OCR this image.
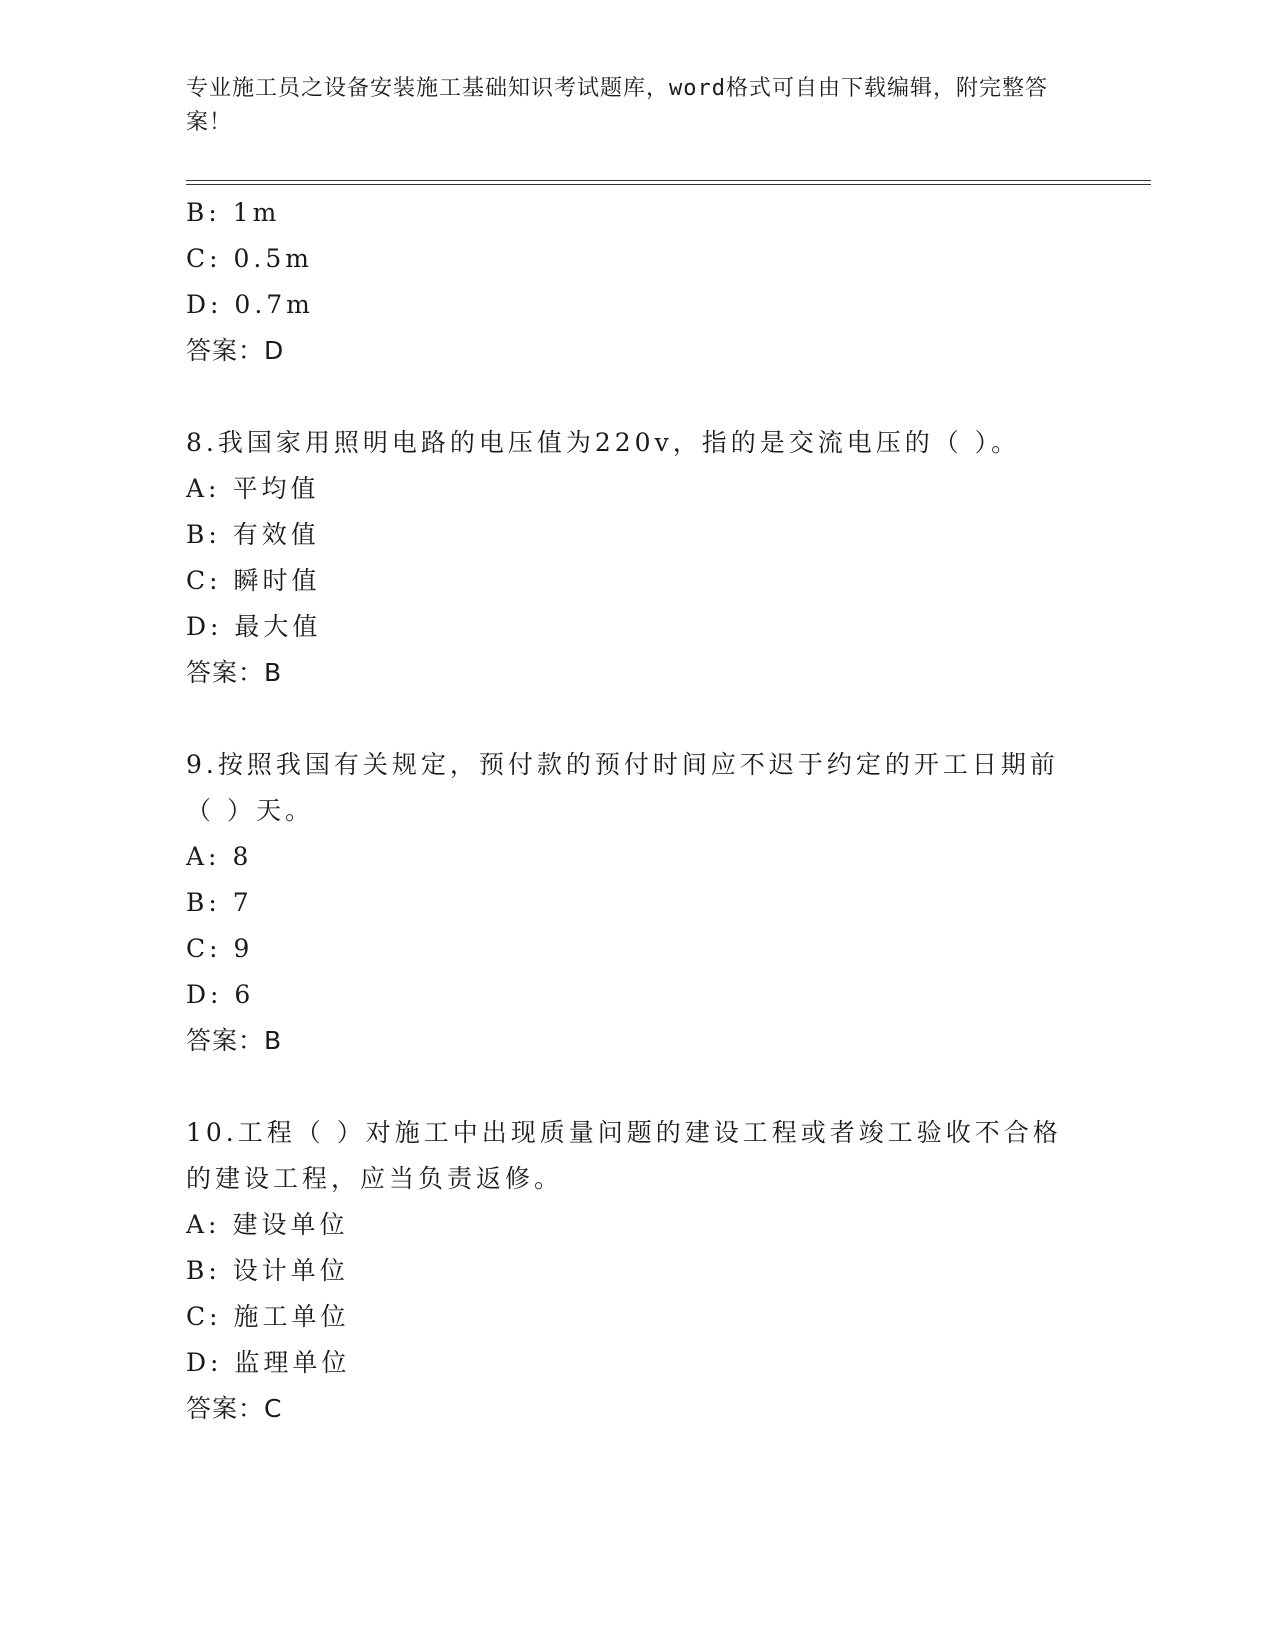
专业施工员之设备安装施工基础知识考试题库，word格式可自由下载编辑，附完整答案！
B: 1m
C: 0.5m
D: 0.7m
答案：D
8.我国家用照明电路的电压值为220v，指的是交流电压的（ ）。
A: 平均值
B: 有效值
C: 瞬时值
D: 最大值
答案：B
9.按照我国有关规定，预付款的预付时间应不迟于约定的开工日期前
（ ）天。
A: 8
B: 7
C: 9
D: 6
答案：B
10.工程（ ）对施工中出现质量问题的建设工程或者竣工验收不合格
的建设工程，应当负责返修。
A: 建设单位
B: 设计单位
C: 施工单位
D: 监理单位
答案：C
